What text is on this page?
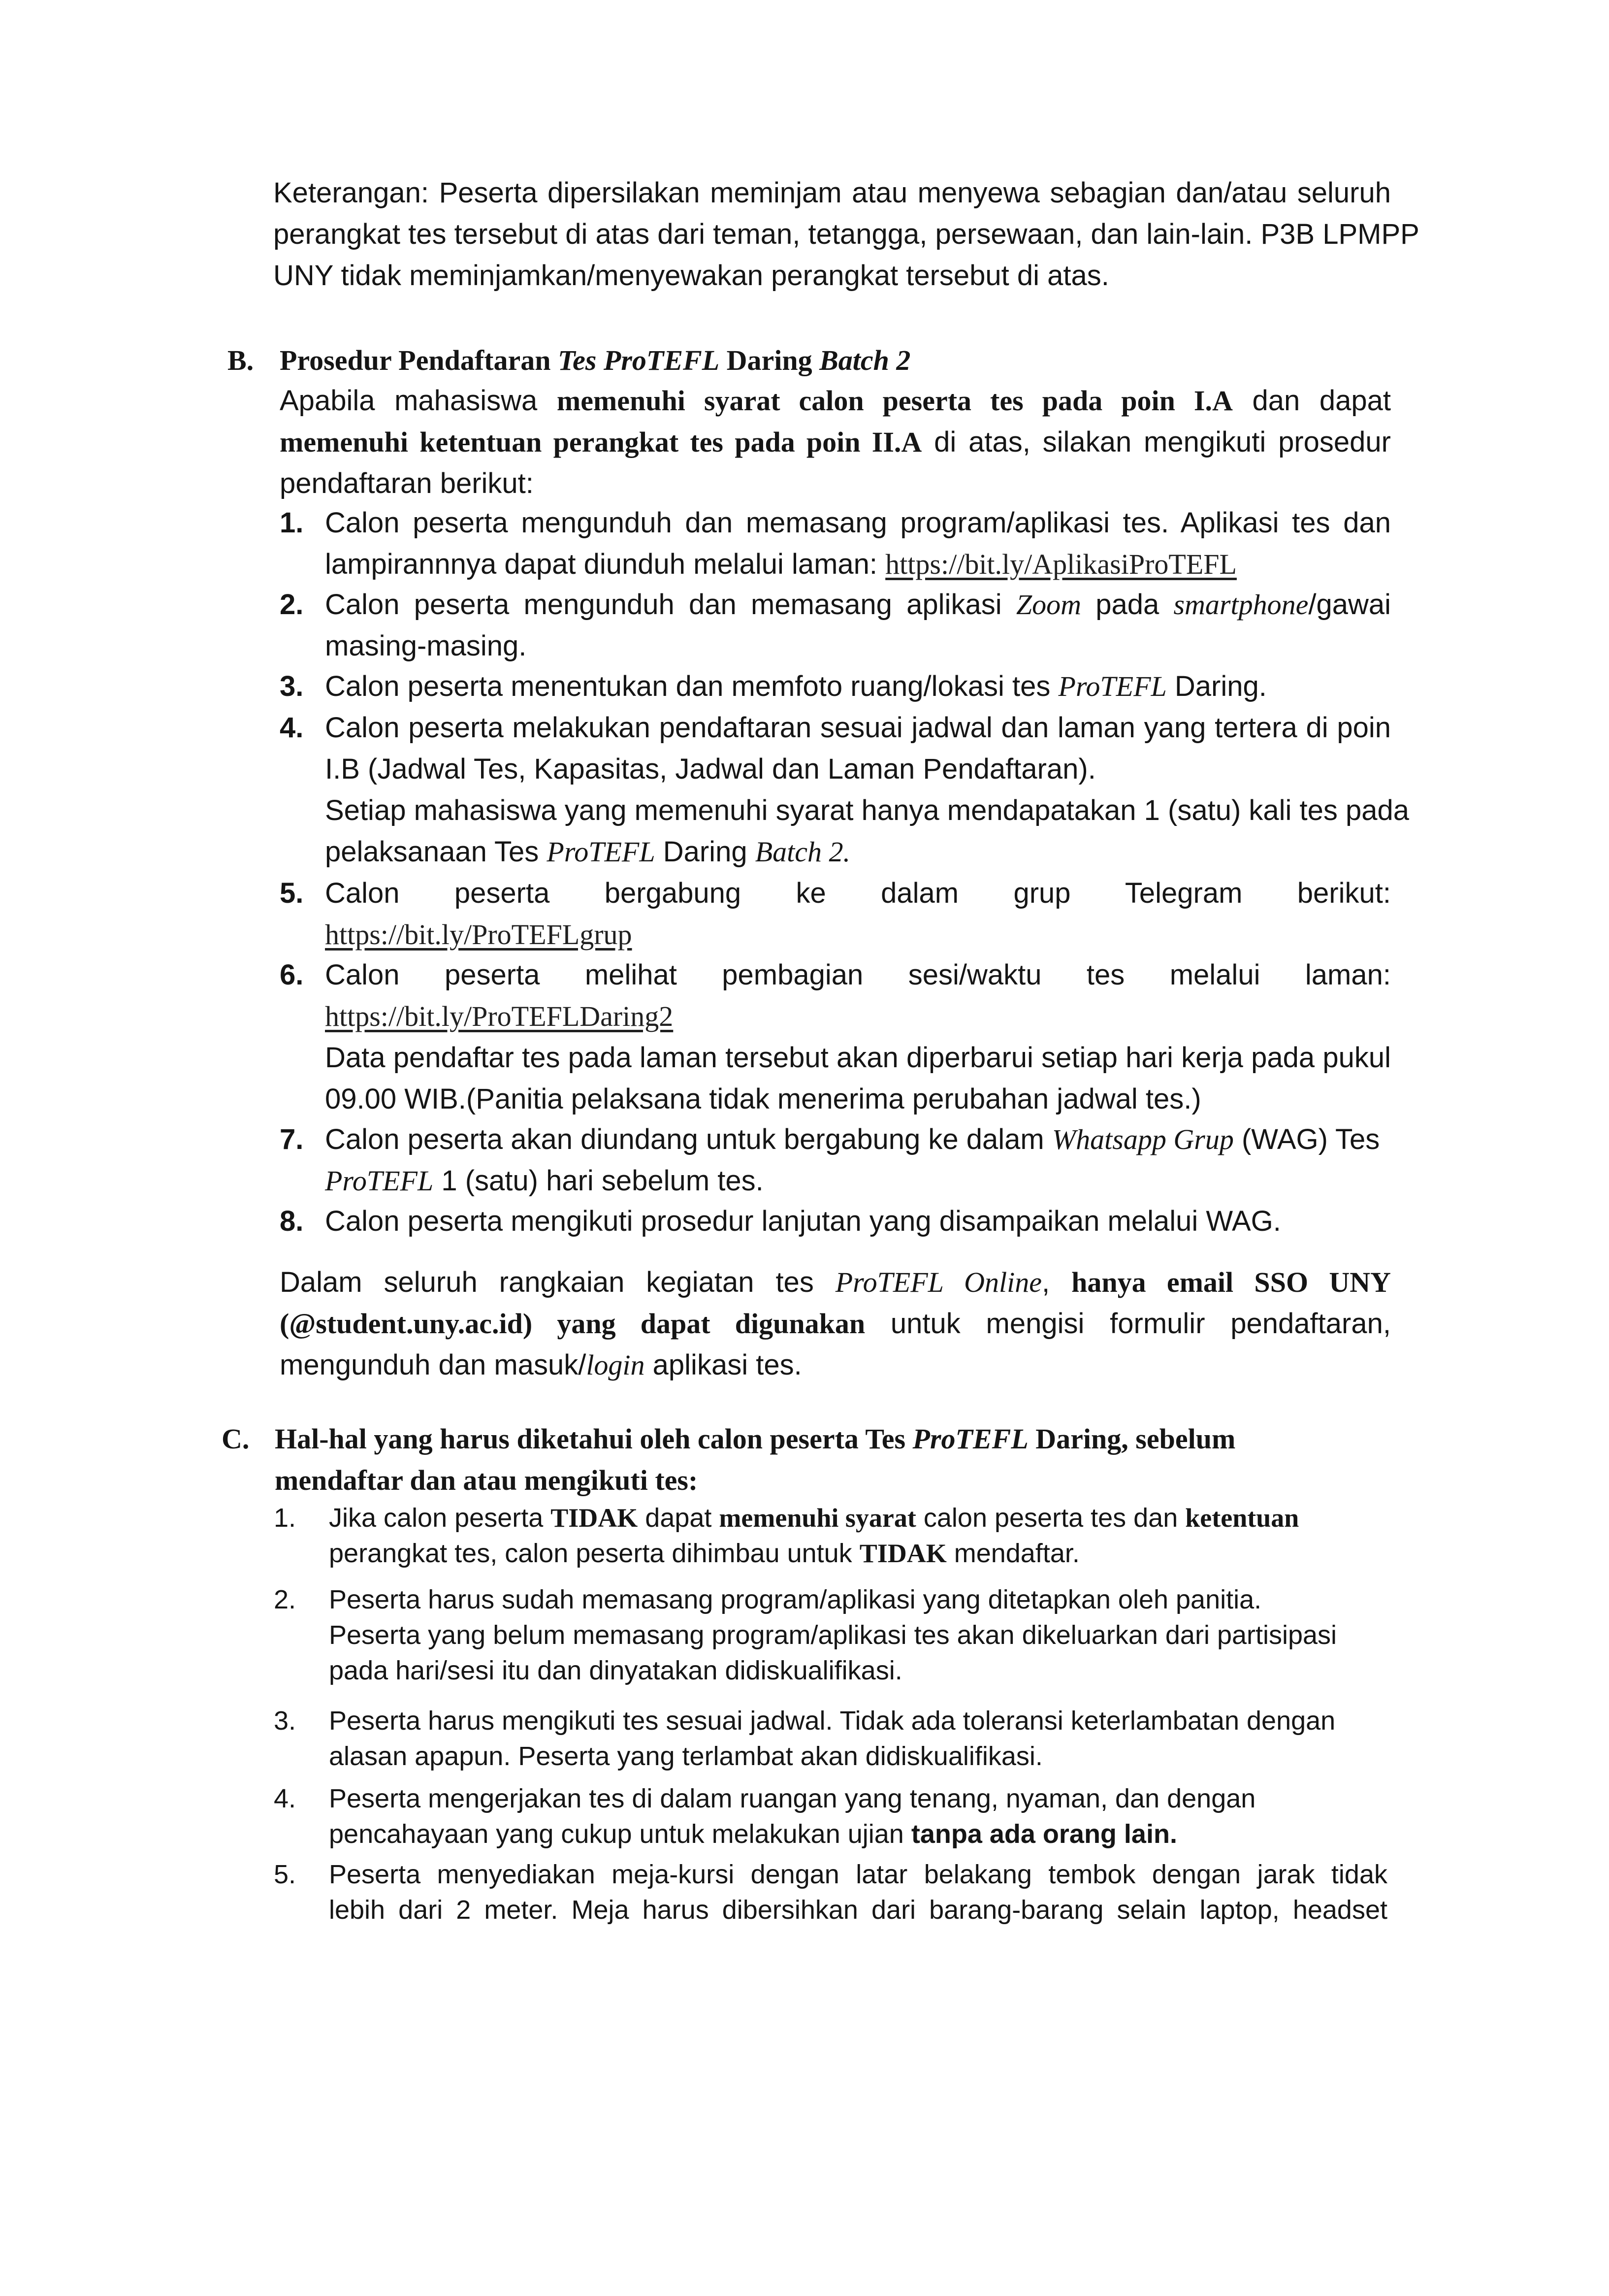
Keterangan: Peserta dipersilakan meminjam atau menyewa sebagian dan/atau seluruh
perangkat tes tersebut di atas dari teman, tetangga, persewaan, dan lain-lain. P3B LPMPP
UNY tidak meminjamkan/menyewakan perangkat tersebut di atas.
B. Prosedur Pendaftaran Tes ProTEFL Daring Batch 2
Apabila mahasiswa memenuhi syarat calon peserta tes pada poin I.A dan dapat
memenuhi ketentuan perangkat tes pada poin II.A di atas, silakan mengikuti prosedur
pendaftaran berikut:
1. Calon peserta mengunduh dan memasang program/aplikasi tes. Aplikasi tes dan
lampirannnya dapat diunduh melalui laman: https://bit.ly/AplikasiProTEFL
2. Calon peserta mengunduh dan memasang aplikasi Zoom pada smartphone/gawai
masing-masing.
3. Calon peserta menentukan dan memfoto ruang/lokasi tes ProTEFL Daring.
4. Calon peserta melakukan pendaftaran sesuai jadwal dan laman yang tertera di poin
I.B (Jadwal Tes, Kapasitas, Jadwal dan Laman Pendaftaran).
Setiap mahasiswa yang memenuhi syarat hanya mendapatakan 1 (satu) kali tes pada
pelaksanaan Tes ProTEFL Daring Batch 2.
5. Calon peserta bergabung ke dalam grup Telegram berikut:
https://bit.ly/ProTEFLgrup
6. Calon peserta melihat pembagian sesi/waktu tes melalui laman:
https://bit.ly/ProTEFLDaring2
Data pendaftar tes pada laman tersebut akan diperbarui setiap hari kerja pada pukul
09.00 WIB.(Panitia pelaksana tidak menerima perubahan jadwal tes.)
7. Calon peserta akan diundang untuk bergabung ke dalam Whatsapp Grup (WAG) Tes
ProTEFL 1 (satu) hari sebelum tes.
8. Calon peserta mengikuti prosedur lanjutan yang disampaikan melalui WAG.
Dalam seluruh rangkaian kegiatan tes ProTEFL Online, hanya email SSO UNY
(@student.uny.ac.id) yang dapat digunakan untuk mengisi formulir pendaftaran,
mengunduh dan masuk/login aplikasi tes.
C. Hal-hal yang harus diketahui oleh calon peserta Tes ProTEFL Daring, sebelum
mendaftar dan atau mengikuti tes:
1. Jika calon peserta TIDAK dapat memenuhi syarat calon peserta tes dan ketentuan
perangkat tes, calon peserta dihimbau untuk TIDAK mendaftar.
2. Peserta harus sudah memasang program/aplikasi yang ditetapkan oleh panitia.
Peserta yang belum memasang program/aplikasi tes akan dikeluarkan dari partisipasi
pada hari/sesi itu dan dinyatakan didiskualifikasi.
3. Peserta harus mengikuti tes sesuai jadwal. Tidak ada toleransi keterlambatan dengan
alasan apapun. Peserta yang terlambat akan didiskualifikasi.
4. Peserta mengerjakan tes di dalam ruangan yang tenang, nyaman, dan dengan
pencahayaan yang cukup untuk melakukan ujian tanpa ada orang lain.
5. Peserta menyediakan meja-kursi dengan latar belakang tembok dengan jarak tidak
lebih dari 2 meter. Meja harus dibersihkan dari barang-barang selain laptop, headset
